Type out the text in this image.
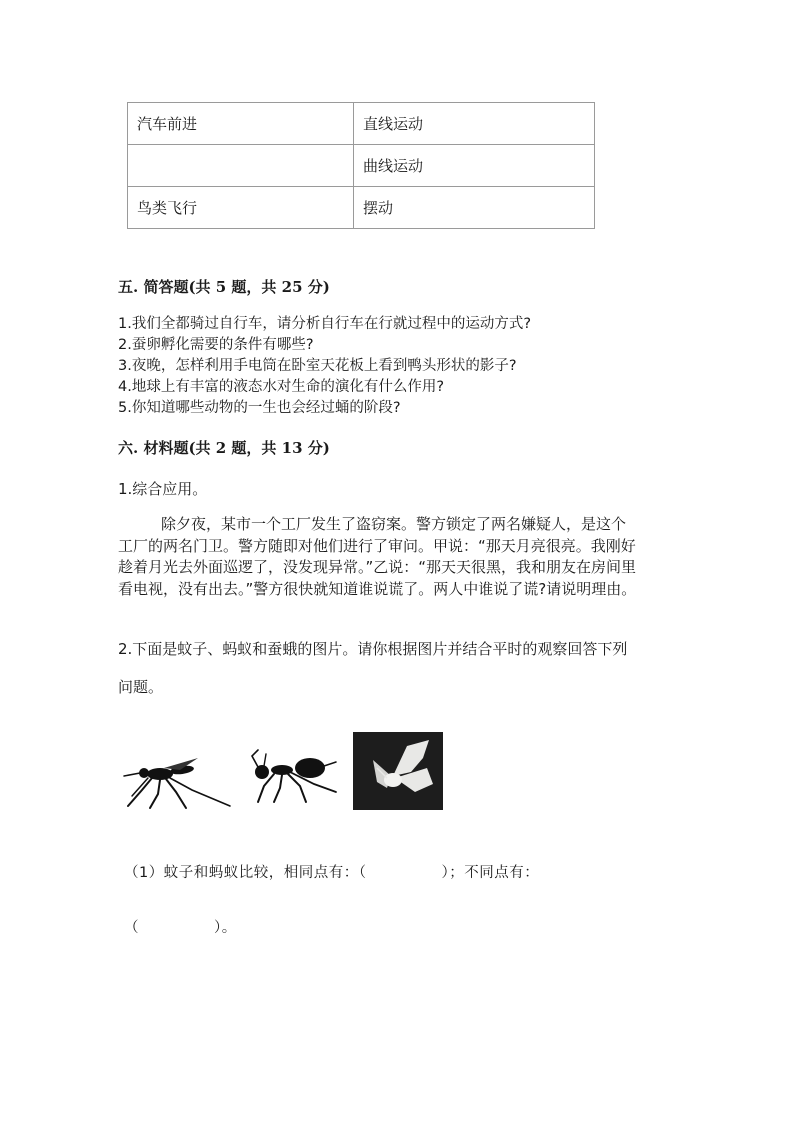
汽车前进	直线运动
	曲线运动
鸟类飞行	摆动
五. 简答题(共 5 题，共 25 分)
1.我们全都骑过自行车，请分析自行车在行就过程中的运动方式?
2.蚕卵孵化需要的条件有哪些?
3.夜晚，怎样利用手电筒在卧室天花板上看到鸭头形状的影子?
4.地球上有丰富的液态水对生命的演化有什么作用?
5.你知道哪些动物的一生也会经过蛹的阶段?
六. 材料题(共 2 题，共 13 分)
1.综合应用。
除夕夜，某市一个工厂发生了盗窃案。警方锁定了两名嫌疑人，是这个工厂的两名门卫。警方随即对他们进行了审问。甲说：“那天月亮很亮。我刚好趁着月光去外面巡逻了，没发现异常。”乙说：“那天天很黑，我和朋友在房间里看电视，没有出去。”警方很快就知道谁说谎了。两人中谁说了谎?请说明理由。
2.下面是蚊子、蚂蚁和蚕蛾的图片。请你根据图片并结合平时的观察回答下列
问题。
（1）蚊子和蚂蚁比较，相同点有：（　　　　　）；不同点有：
（　　　　　）。
